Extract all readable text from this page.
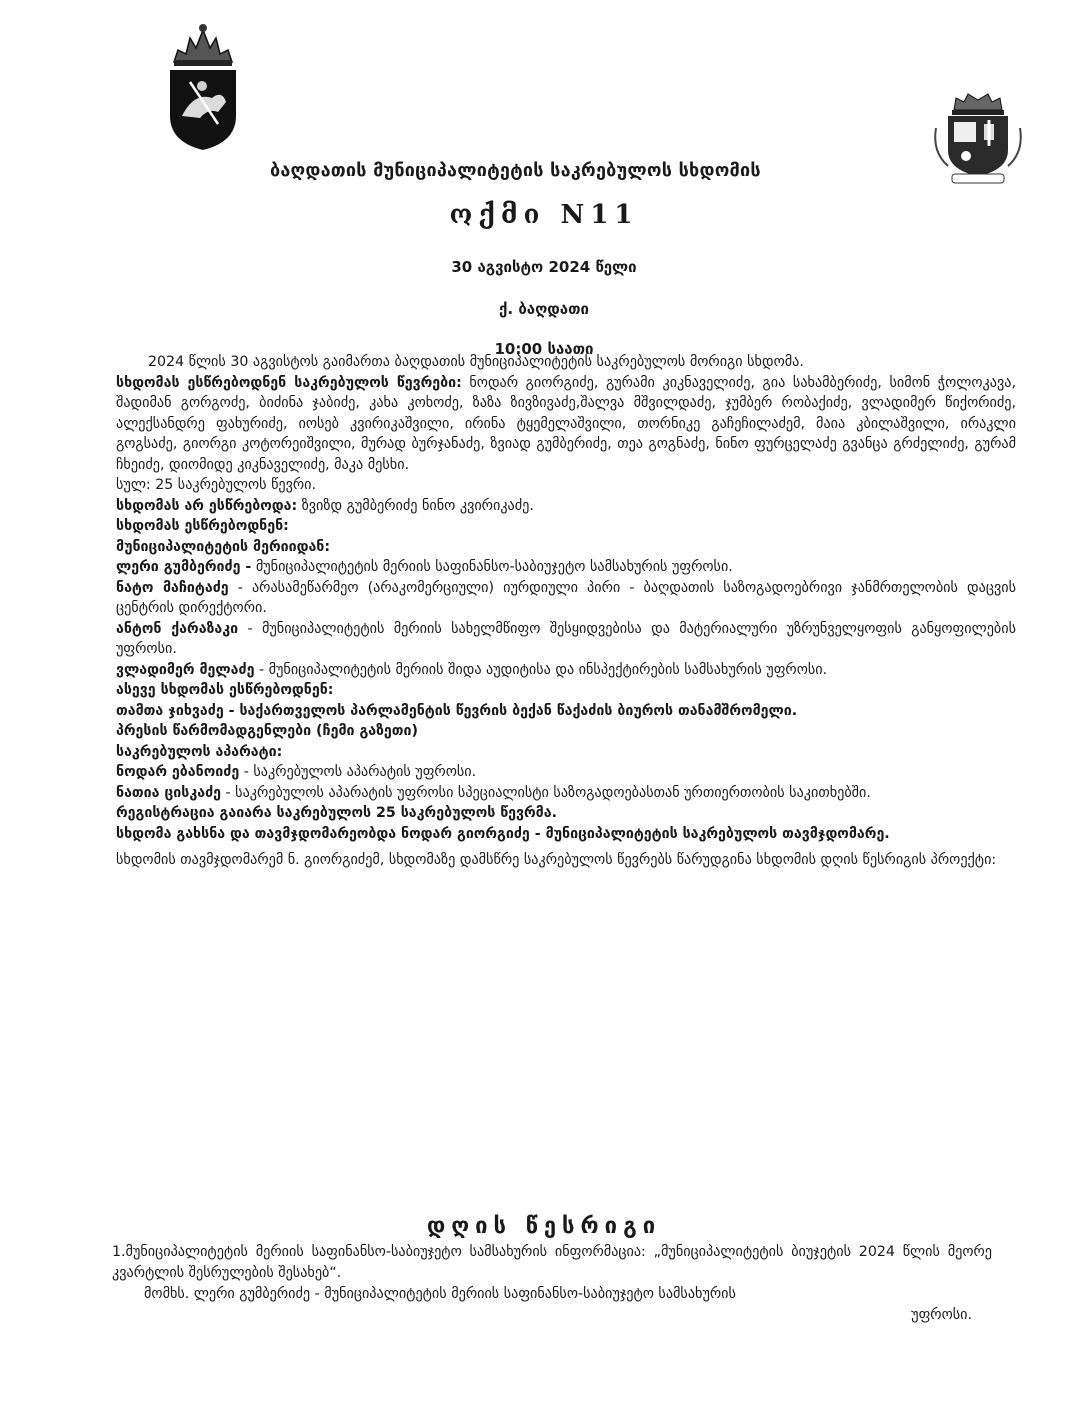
ბაღდათის მუნიციპალიტეტის საკრებულოს სხდომის
ოქმი N11
30 აგვისტო 2024 წელი
ქ. ბაღდათი
10:00 საათი

2024 წლის 30 აგვისტოს გაიმართა ბაღდათის მუნიციპალიტეტის საკრებულოს მორიგი სხდომა.

სხდომას ესწრებოდნენ საკრებულოს წევრები: ნოდარ გიორგიძე, გურამი კიკნაველიძე, გია სახამბერიძე, სიმონ ჭოლოკავა, შადიმან გორგოძე, ბიძინა ჯაბიძე, კახა კოხოძე, ზაზა ზივზივაძე,შალვა მშვილდაძე, ჯუმბერ რობაქიძე, ვლადიმერ წიქორიძე, ალექსანდრე ფახურიძე, იოსებ კვირიკაშვილი, ირინა ტყემელაშვილი, თორნიკე გაჩეჩილაძემ, მაია კბილაშვილი, ირაკლი გოგსაძე, გიორგი კოტორეიშვილი, მურად ბურჯანაძე, ზვიად გუმბერიძე, თეა გოგნაძე, ნინო ფურცელაძე გვანცა გრძელიძე, გურამ ჩხეიძე, დიომიდე კიკნაველიძე, მაკა მესხი.

სულ: 25 საკრებულოს წევრი.

სხდომას არ ესწრებოდა: ზვიზდ გუმბერიძე ნინო კვირიკაძე.

სხდომას ესწრებოდნენ:

მუნიციპალიტეტის მერიიდან:

ლერი გუმბერიძე - მუნიციპალიტეტის მერიის საფინანსო-საბიუჯეტო სამსახურის უფროსი.

ნატო მაჩიტაძე - არასამეწარმეო (არაკომერციული) იურდიული პირი - ბაღდათის საზოგადოებრივი ჯანმრთელობის დაცვის ცენტრის დირექტორი.

ანტონ ქარაზაკი - მუნიციპალიტეტის მერიის სახელმწიფო შესყიდვებისა და მატერიალური უზრუნველყოფის განყოფილების უფროსი.

ვლადიმერ მელაძე - მუნიციპალიტეტის მერიის შიდა აუდიტისა და ინსპექტირების სამსახურის უფროსი.

ასევე სხდომას ესწრებოდნენ:

თამთა ჯიხვაძე - საქართველოს პარლამენტის წევრის ბექან წაქაძის ბიუროს თანამშრომელი.

პრესის წარმომადგენლები (ჩემი გაზეთი)

საკრებულოს აპარატი:

ნოდარ ებანოიძე - საკრებულოს აპარატის უფროსი.

ნათია ცისკაძე - საკრებულოს აპარატის უფროსი სპეციალისტი საზოგადოებასთან ურთიერთობის საკითხებში.

რეგისტრაცია გაიარა საკრებულოს 25 საკრებულოს წევრმა.

სხდომა გახსნა და თავმჯდომარეობდა ნოდარ გიორგიძე - მუნიციპალიტეტის საკრებულოს თავმჯდომარე.

სხდომის თავმჯდომარემ ნ. გიორგიძემ, სხდომაზე დამსწრე საკრებულოს წევრებს წარუდგინა სხდომის დღის წესრიგის პროექტი:

დღის წესრიგი

1.მუნიციპალიტეტის მერიის საფინანსო-საბიუჯეტო სამსახურის ინფორმაცია: „მუნიციპალიტეტის ბიუჯეტის 2024 წლის მეორე კვარტლის შესრულების შესახებ“.

მომხს. ლერი გუმბერიძე - მუნიციპალიტეტის მერიის საფინანსო-საბიუჯეტო სამსახურის

უფროსი.
